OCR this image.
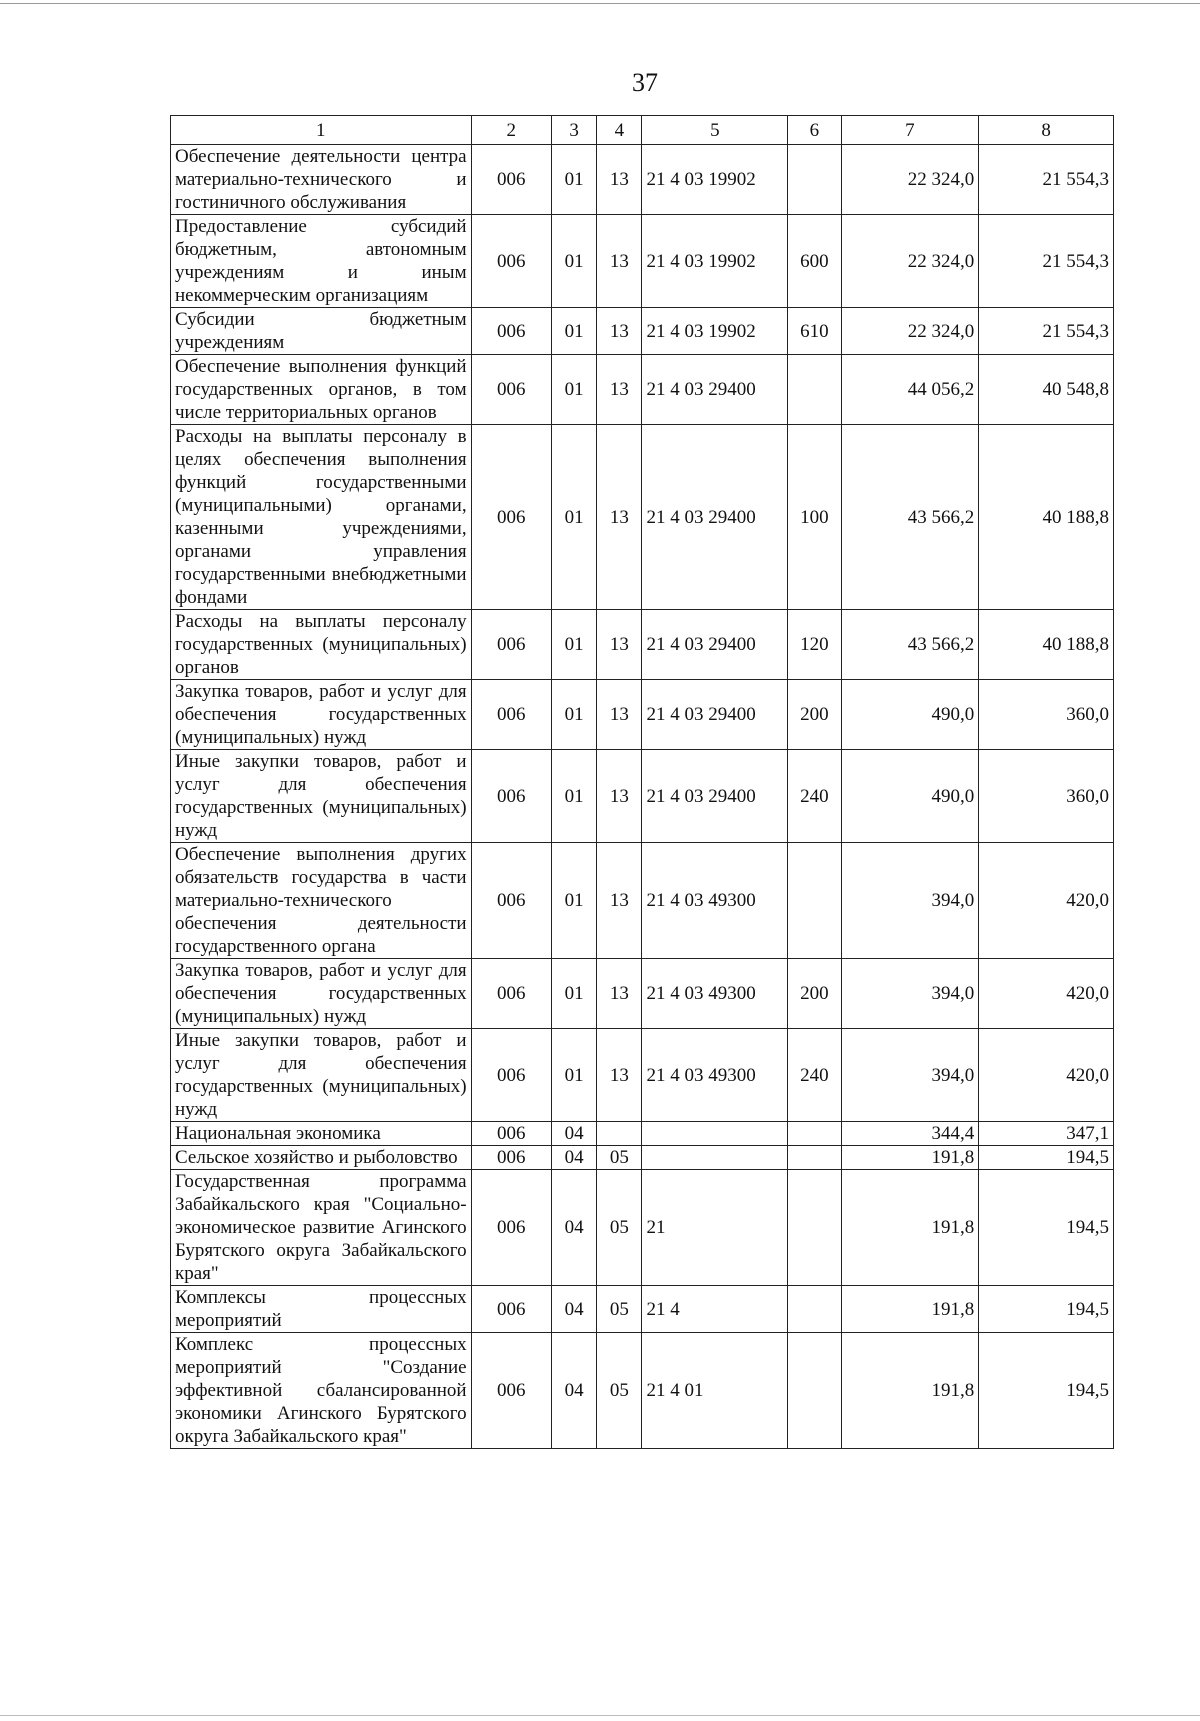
37
1	2	3	4	5	6	7	8
Обеспечение деятельности центра материально-технического и гостиничного обслуживания	006	01	13	21 4 03 19902		22 324,0	21 554,3
Предоставление субсидий бюджетным, автономным учреждениям и иным некоммерческим организациям	006	01	13	21 4 03 19902	600	22 324,0	21 554,3
Субсидии бюджетным учреждениям	006	01	13	21 4 03 19902	610	22 324,0	21 554,3
Обеспечение выполнения функций государственных органов, в том числе территориальных органов	006	01	13	21 4 03 29400		44 056,2	40 548,8
Расходы на выплаты персоналу в целях обеспечения выполнения функций государственными (муниципальными) органами, казенными учреждениями, органами управления государственными внебюджетными фондами	006	01	13	21 4 03 29400	100	43 566,2	40 188,8
Расходы на выплаты персоналу государственных (муниципальных) органов	006	01	13	21 4 03 29400	120	43 566,2	40 188,8
Закупка товаров, работ и услуг для обеспечения государственных (муниципальных) нужд	006	01	13	21 4 03 29400	200	490,0	360,0
Иные закупки товаров, работ и услуг для обеспечения государственных (муниципальных) нужд	006	01	13	21 4 03 29400	240	490,0	360,0
Обеспечение выполнения других обязательств государства в части материально-технического обеспечения деятельности государственного органа	006	01	13	21 4 03 49300		394,0	420,0
Закупка товаров, работ и услуг для обеспечения государственных (муниципальных) нужд	006	01	13	21 4 03 49300	200	394,0	420,0
Иные закупки товаров, работ и услуг для обеспечения государственных (муниципальных) нужд	006	01	13	21 4 03 49300	240	394,0	420,0
Национальная экономика	006	04				344,4	347,1
Сельское хозяйство и рыболовство	006	04	05			191,8	194,5
Государственная программа Забайкальского края "Социально-экономическое развитие Агинского Бурятского округа Забайкальского края"	006	04	05	21		191,8	194,5
Комплексы процессных мероприятий	006	04	05	21 4		191,8	194,5
Комплекс процессных мероприятий "Создание эффективной сбалансированной экономики Агинского Бурятского округа Забайкальского края"	006	04	05	21 4 01		191,8	194,5
